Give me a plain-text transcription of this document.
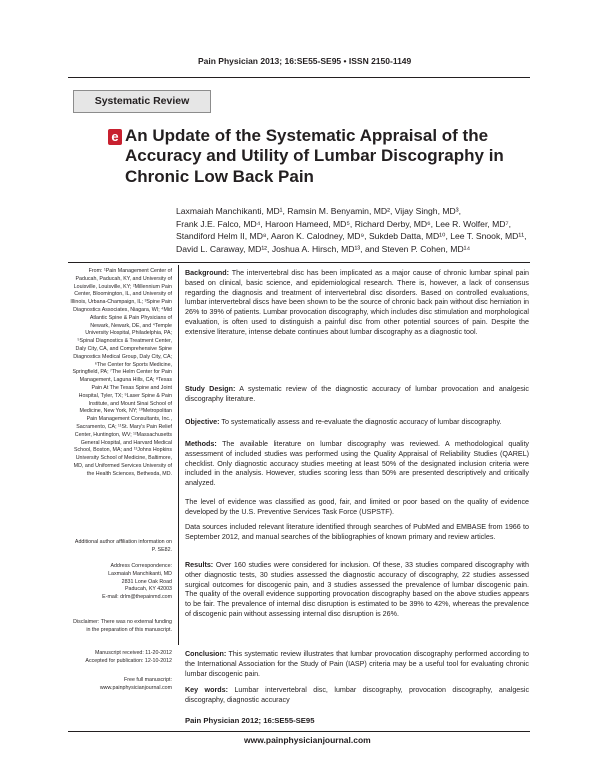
Pain Physician 2013; 16:SE55-SE95 • ISSN 2150-1149
Systematic Review
e An Update of the Systematic Appraisal of the Accuracy and Utility of Lumbar Discography in Chronic Low Back Pain
Laxmaiah Manchikanti, MD¹, Ramsin M. Benyamin, MD², Vijay Singh, MD³,
Frank J.E. Falco, MD⁴, Haroon Hameed, MD⁵, Richard Derby, MD⁶, Lee R. Wolfer, MD⁷,
Standiford Helm II, MD⁸, Aaron K. Calodney, MD⁹, Sukdeb Datta, MD¹⁰, Lee T. Snook, MD¹¹,
David L. Caraway, MD¹², Joshua A. Hirsch, MD¹³, and Steven P. Cohen, MD¹⁴
From: ¹Pain Management Center of Paducah, Paducah, KY, and University of Louisville, Louisville, KY; ²Millennium Pain Center, Bloomington, IL, and University of Illinois, Urbana-Champaign, IL; ³Spine Pain Diagnostics Associates, Niagara, WI; ⁴Mid Atlantic Spine & Pain Physicians of Newark, Newark, DE, and ⁴Temple University Hospital, Philadelphia, PA; ⁵Spinal Diagnostics & Treatment Center, Daly City, CA, and Comprehensive Spine Diagnostics Medical Group, Daly City, CA; ⁶The Center for Sports Medicine, Springfield, PA; ⁷The Helm Center for Pain Management, Laguna Hills, CA; ⁸Texas Pain At The Texas Spine and Joint Hospital, Tyler, TX; ⁹Laser Spine & Pain Institute, and Mount Sinai School of Medicine, New York, NY; ¹⁰Metropolitan Pain Management Consultants, Inc., Sacramento, CA; ¹¹St. Mary's Pain Relief Center, Huntington, WV; ¹²Massachusetts General Hospital, and Harvard Medical School, Boston, MA; and ¹³Johns Hopkins University School of Medicine, Baltimore, MD, and Uniformed Services University of the Health Sciences, Bethesda, MD.
Additional author affiliation information on P. SE82.
Address Correspondence:
Laxmaiah Manchikanti, MD
2831 Lone Oak Road
Paducah, KY 42003
E-mail: drlm@thepainmd.com
Disclaimer: There was no external funding in the preparation of this manuscript.
Manuscript received: 11-20-2012
Accepted for publication: 12-10-2012
Free full manuscript:
www.painphysicianjournal.com
Background: The intervertebral disc has been implicated as a major cause of chronic lumbar spinal pain based on clinical, basic science, and epidemiological research. There is, however, a lack of consensus regarding the diagnosis and treatment of intervertebral disc disorders. Based on controlled evaluations, lumbar intervertebral discs have been shown to be the source of chronic back pain without disc herniation in 26% to 39% of patients. Lumbar provocation discography, which includes disc stimulation and morphological evaluation, is often used to distinguish a painful disc from other potential sources of pain. Despite the extensive literature, intense debate continues about lumbar discography as a diagnostic tool.
Study Design: A systematic review of the diagnostic accuracy of lumbar provocation and analgesic discography literature.
Objective: To systematically assess and re-evaluate the diagnostic accuracy of lumbar discography.
Methods: The available literature on lumbar discography was reviewed. A methodological quality assessment of included studies was performed using the Quality Appraisal of Reliability Studies (QAREL) checklist. Only diagnostic accuracy studies meeting at least 50% of the designated inclusion criteria were included in the analysis. However, studies scoring less than 50% are presented descriptively and critically analyzed.
The level of evidence was classified as good, fair, and limited or poor based on the quality of evidence developed by the U.S. Preventive Services Task Force (USPSTF).
Data sources included relevant literature identified through searches of PubMed and EMBASE from 1966 to September 2012, and manual searches of the bibliographies of known primary and review articles.
Results: Over 160 studies were considered for inclusion. Of these, 33 studies compared discography with other diagnostic tests, 30 studies assessed the diagnostic accuracy of discography, 22 studies assessed surgical outcomes for discogenic pain, and 3 studies assessed the prevalence of lumbar discogenic pain. The quality of the overall evidence supporting provocation discography based on the above studies appears to be fair. The prevalence of internal disc disruption is estimated to be 39% to 42%, whereas the prevalence of discogenic pain without assessing internal disc disruption is 26%.
Conclusion: This systematic review illustrates that lumbar provocation discography performed according to the International Association for the Study of Pain (IASP) criteria may be a useful tool for evaluating chronic lumbar discogenic pain.
Key words: Lumbar intervertebral disc, lumbar discography, provocation discography, analgesic discography, diagnostic accuracy
Pain Physician 2012; 16:SE55-SE95
www.painphysicianjournal.com
